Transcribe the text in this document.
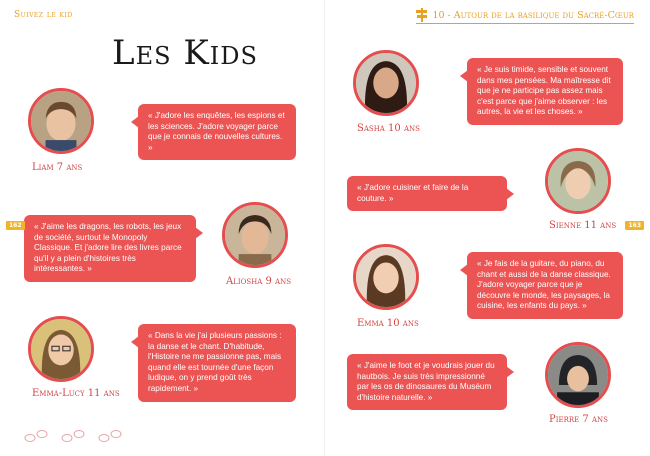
Suivez le kid
Les Kids
Liam 7 ans
« J'adore les enquêtes, les espions et les sciences. J'adore voyager parce que je connais de nouvelles cultures. »
« J'aime les dragons, les robots, les jeux de société, surtout le Monopoly Classique. Et j'adore lire des livres parce qu'il y a plein d'histoires très intéressantes. »
Aliosha 9 ans
Emma-Lucy 11 ans
« Dans la vie j'ai plusieurs passions : la danse et le chant. D'habitude, l'Histoire ne me passionne pas, mais quand elle est tournée d'une façon ludique, on y prend goût très rapidement. »
162
10 - Autour de la basilique du Sacré-Cœur
Sasha 10 ans
« Je suis timide, sensible et souvent dans mes pensées. Ma maîtresse dit que je ne participe pas assez mais c'est parce que j'aime observer : les autres, la vie et les choses. »
« J'adore cuisiner et faire de la couture. »
Sienne 11 ans
Emma 10 ans
« Je fais de la guitare, du piano, du chant et aussi de la danse classique. J'adore voyager parce que je découvre le monde, les paysages, la cuisine, les enfants du pays. »
« J'aime le foot et je voudrais jouer du hautbois. Je suis très impressionné par les os de dinosaures du Muséum d'histoire naturelle. »
Pierre 7 ans
163
